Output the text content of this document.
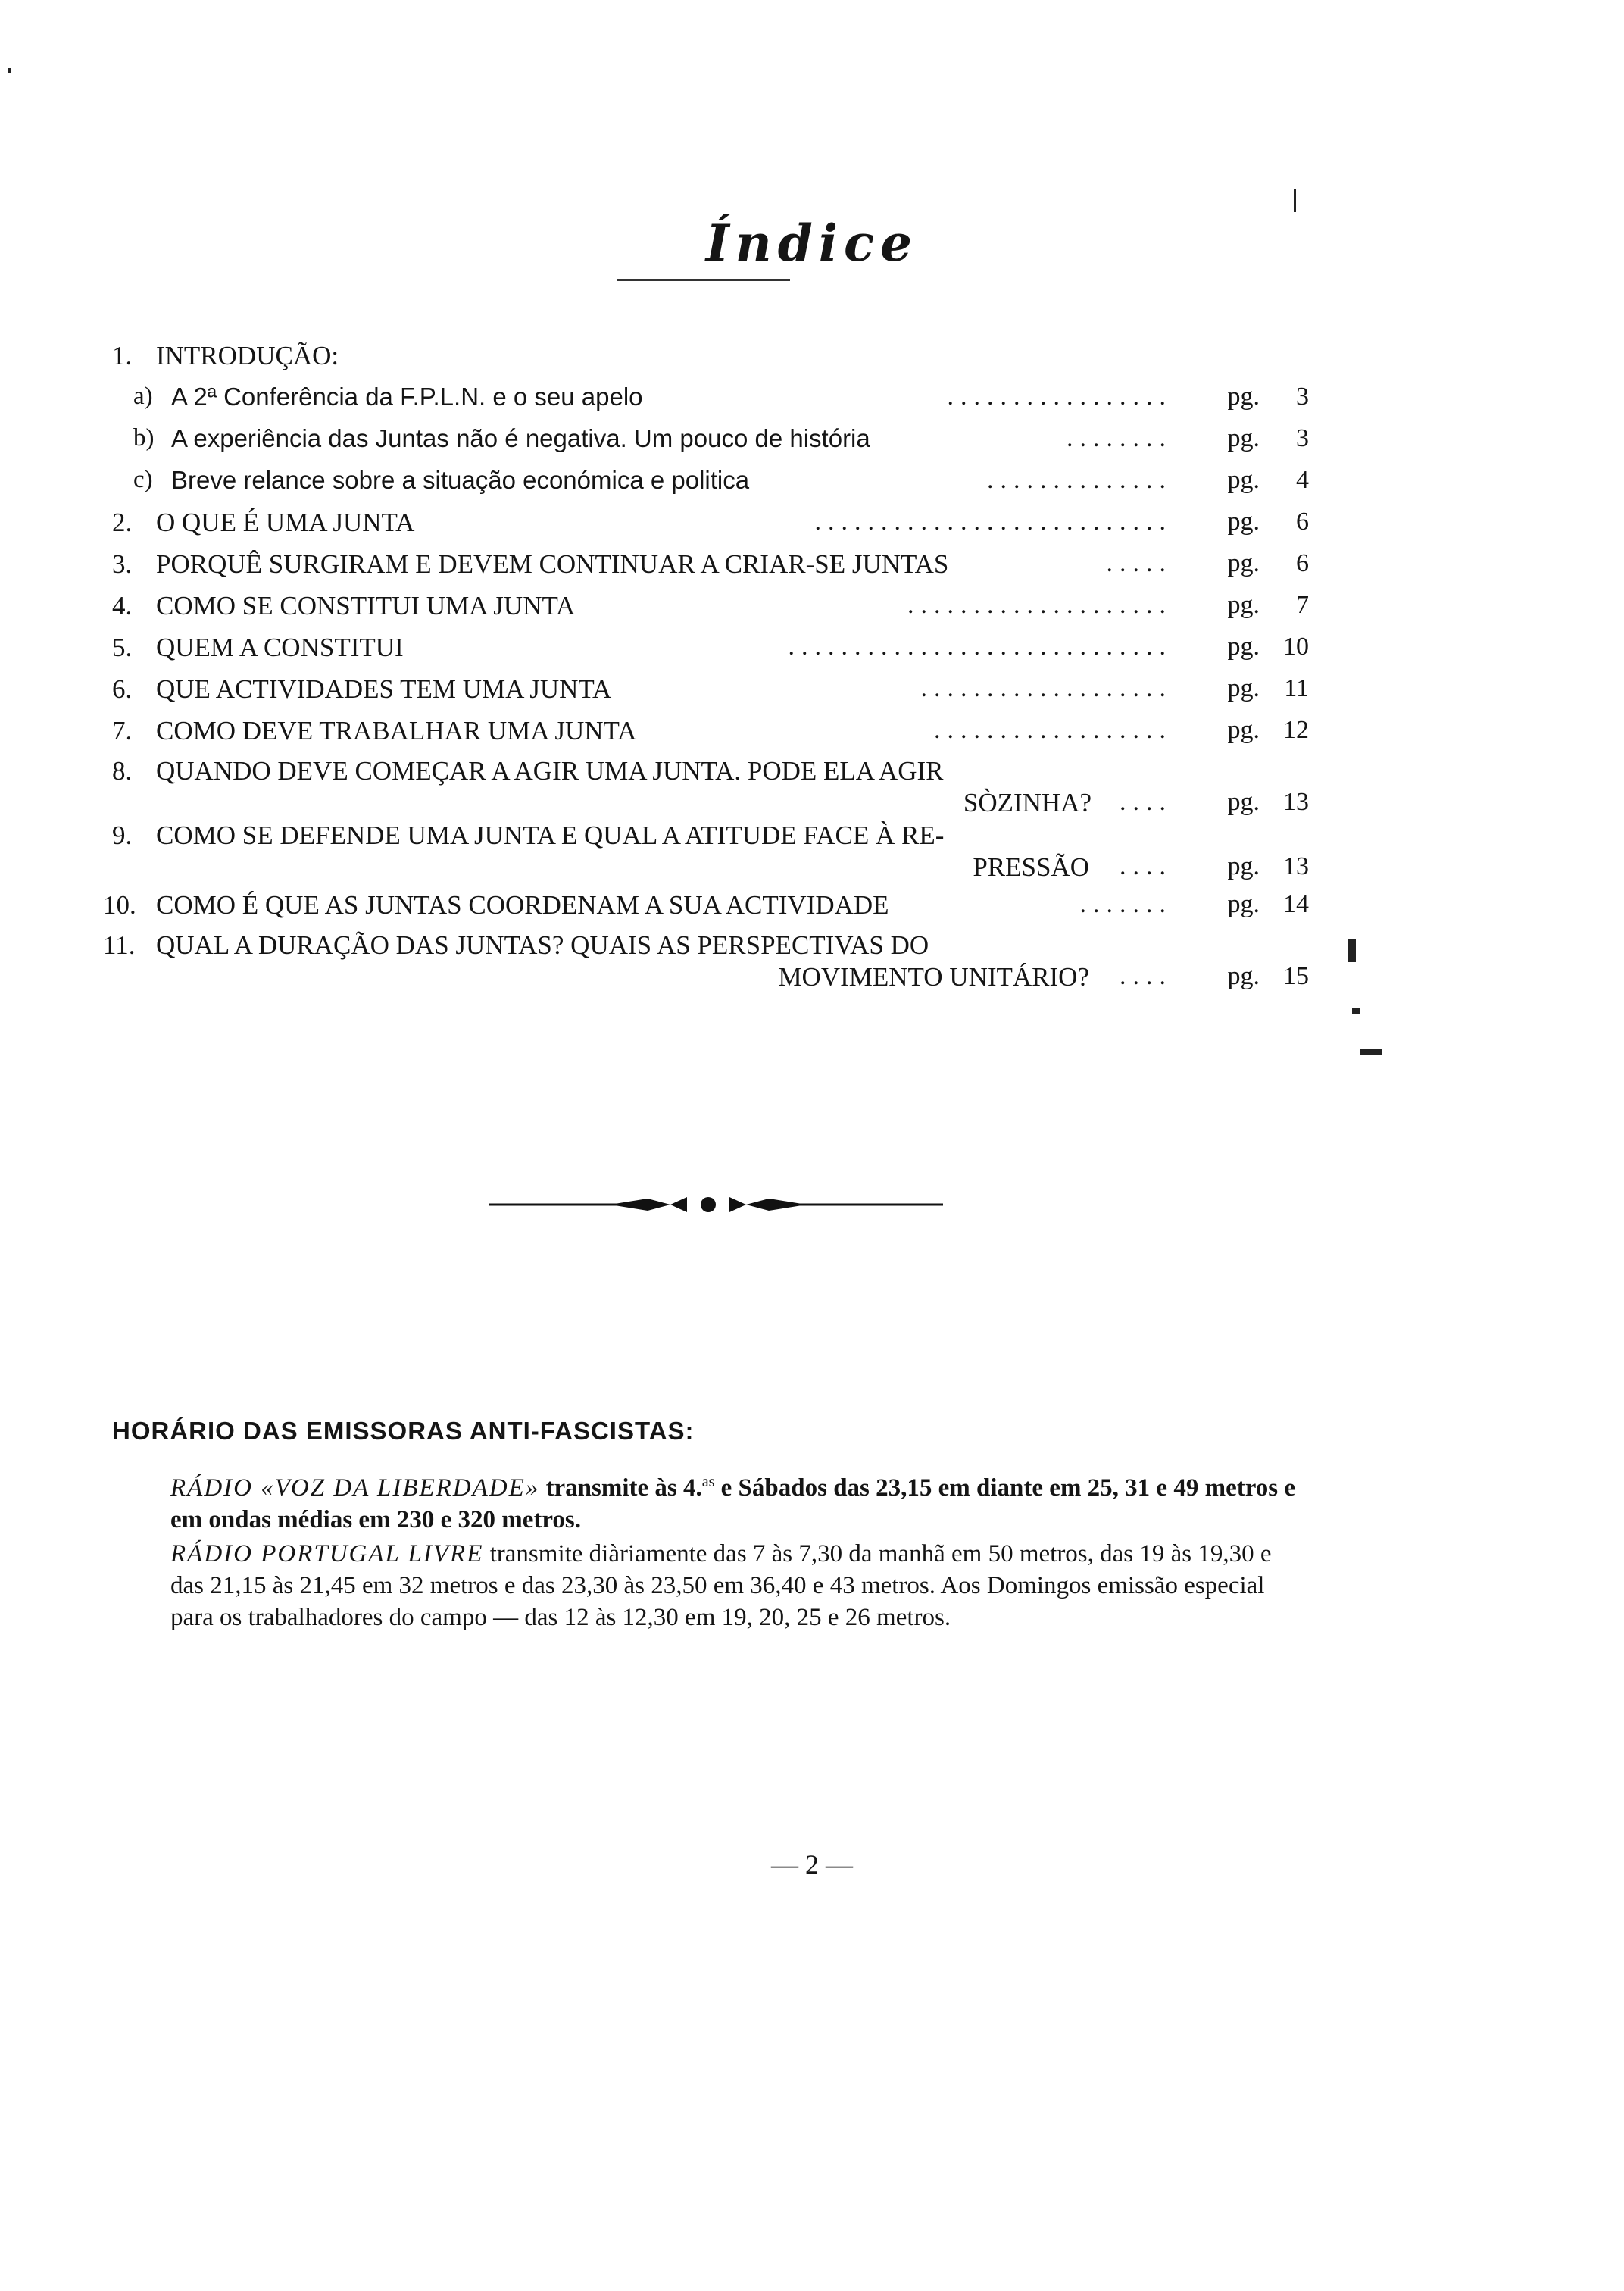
Índice
1. INTRODUÇÃO:
a) A 2ª Conferência da F.P.L.N. e o seu apelo	................. pg.	3
b) A experiência das Juntas não é negativa. Um pouco de história	........ pg.	3
c) Breve relance sobre a situação económica e politica	.............. pg.	4
2. O QUE É UMA JUNTA	........................... pg.	6
3. PORQUÊ SURGIRAM E DEVEM CONTINUAR A CRIAR-SE JUNTAS	..... pg.	6
4. COMO SE CONSTITUI UMA JUNTA	.................... pg.	7
5. QUEM A CONSTITUI	............................. pg. 10
6. QUE ACTIVIDADES TEM UMA JUNTA	................... pg. 11
7. COMO DEVE TRABALHAR UMA JUNTA	.................. pg. 12
8. QUANDO DEVE COMEÇAR A AGIR UMA JUNTA. PODE ELA AGIR
SÒZINHA?	.... pg. 13
9. COMO SE DEFENDE UMA JUNTA E QUAL A ATITUDE FACE À RE-
PRESSÃO	.... pg. 13
10. COMO É QUE AS JUNTAS COORDENAM A SUA ACTIVIDADE	....... pg. 14
11. QUAL A DURAÇÃO DAS JUNTAS? QUAIS AS PERSPECTIVAS DO
MOVIMENTO UNITÁRIO?	.... pg. 15
HORÁRIO DAS EMISSORAS ANTI-FASCISTAS:
RÁDIO «VOZ DA LIBERDADE» transmite às 4.$^{as}$ e Sábados das 23,15 em diante em 25, 31 e 49 metros e em ondas médias em 230 e 320 metros.
RÁDIO PORTUGAL LIVRE transmite diàriamente das 7 às 7,30 da manhã em 50 metros, das 19 às 19,30 e das 21,15 às 21,45 em 32 metros e das 23,30 às 23,50 em 36,40 e 43 metros. Aos Domingos emissão especial para os trabalhadores do campo — das 12 às 12,30 em 19, 20, 25 e 26 metros.
— 2 —
